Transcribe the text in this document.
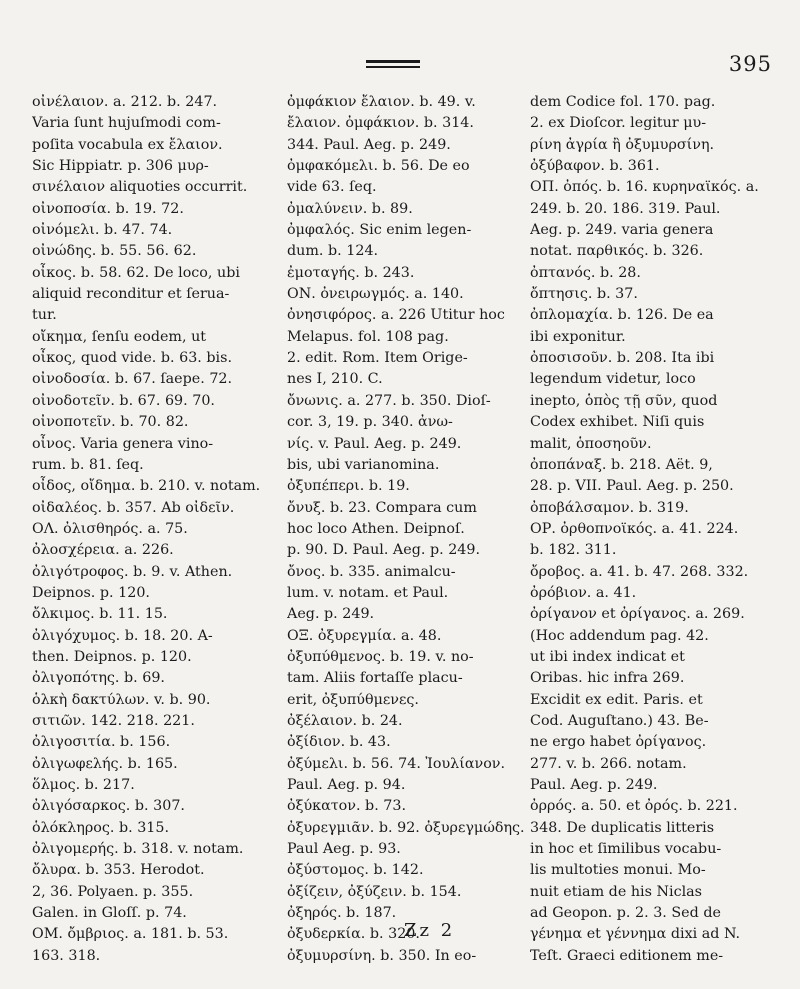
395
οἰνέλαιον. a. 212. b. 247.
Varia ſunt hujuſmodi com-
poſita vocabula ex ἔλαιον.
Sic Hippiatr. p. 306 μυρ-
σινέλαιον aliquoties occurrit.
οἰνοποσία. b. 19. 72.
οἰνόμελι. b. 47. 74.
οἰνώδης. b. 55. 56. 62.
οἶκος. b. 58. 62. De loco, ubi
aliquid reconditur et ſerua-
tur.
οἴκημα, ſenſu eodem, ut
οἶκος, quod vide. b. 63. bis.
οἰνοδοσία. b. 67. ſaepe. 72.
οἰνοδοτεῖν. b. 67. 69. 70.
οἰνοποτεῖν. b. 70. 82.
οἶνος. Varia genera vino-
rum. b. 81. ſeq.
οἶδος, οἴδημα. b. 210. v. notam.
οἰδαλέος. b. 357. Ab οἰδεῖν.
ΟΛ. ὀλισθηρός. a. 75.
ὀλοσχέρεια. a. 226.
ὀλιγότροφος. b. 9. v. Athen.
Deipnos. p. 120.
ὄλκιμος. b. 11. 15.
ὀλιγόχυμος. b. 18. 20. A-
then. Deipnos. p. 120.
ὀλιγοπότης. b. 69.
ὁλκὴ δακτύλων. v. b. 90.
σιτιῶν. 142. 218. 221.
ὀλιγοσιτία. b. 156.
ὀλιγωφελής. b. 165.
ὅλμος. b. 217.
ὀλιγόσαρκος. b. 307.
ὁλόκληρος. b. 315.
ὀλιγομερής. b. 318. v. notam.
ὄλυρα. b. 353. Herodot.
2, 36. Polyaen. p. 355.
Galen. in Gloſſ. p. 74.
ΟΜ. ὄμβριος. a. 181. b. 53.
163. 318.
ὀμφάκιον ἔλαιον. b. 49. v.
ἔλαιον. ὀμφάκιον. b. 314.
344. Paul. Aeg. p. 249.
ὀμφακόμελι. b. 56. De eo
vide 63. ſeq.
ὀμαλύνειν. b. 89.
ὀμφαλός. Sic enim legen-
dum. b. 124.
ἐμοταγής. b. 243.
ΟΝ. ὀνειρωγμός. a. 140.
ὀνησιφόρος. a. 226 Utitur hoc
Melapus. fol. 108 pag.
2. edit. Rom. Item Orige-
nes I, 210. C.
ὄνωνις. a. 277. b. 350. Dioſ-
cor. 3, 19. p. 340. ἀνω-
νίς. v. Paul. Aeg. p. 249.
bis, ubi varianomina.
ὀξυπέπερι. b. 19.
ὄνυξ. b. 23. Compara cum
hoc loco Athen. Deipnoſ.
p. 90. D. Paul. Aeg. p. 249.
ὄνος. b. 335. animalcu-
lum. v. notam. et Paul.
Aeg. p. 249.
ΟΞ. ὀξυρεγμία. a. 48.
ὀξυπύθμενος. b. 19. v. no-
tam. Aliis fortaſſe placu-
erit, ὀξυπύθμενες.
ὀξέλαιον. b. 24.
ὀξίδιον. b. 43.
ὀξύμελι. b. 56. 74. Ἰουλίανον.
Paul. Aeg. p. 94.
ὀξύκατον. b. 73.
ὀξυρεγμιᾶν. b. 92. ὀξυρεγμώδης.
Paul Aeg. p. 93.
ὀξύστομος. b. 142.
ὀξίζειν, ὀξύζειν. b. 154.
ὀξηρός. b. 187.
ὀξυδερκία. b. 320.
ὀξυμυρσίνη. b. 350. In eo-
dem Codice fol. 170. pag.
2. ex Dioſcor. legitur μυ-
ρίνη ἀγρία ἢ ὀξυμυρσίνη.
ὀξύβαφον. b. 361.
ΟΠ. ὀπός. b. 16. κυρηναϊκός. a.
249. b. 20. 186. 319. Paul.
Aeg. p. 249. varia genera
notat. παρθικός. b. 326.
ὀπτανός. b. 28.
ὄπτησις. b. 37.
ὀπλομαχία. b. 126. De ea
ibi exponitur.
ὀποσισοῦν. b. 208. Ita ibi
legendum videtur, loco
inepto, ὁπὸς τῇ σῦν, quod
Codex exhibet. Niſi quis
malit, ὁποσηοῦν.
ὀποπάναξ. b. 218. Aët. 9,
28. p. VII. Paul. Aeg. p. 250.
ὀποβάλσαμον. b. 319.
ΟΡ. ὀρθοπνοϊκός. a. 41. 224.
b. 182. 311.
ὄροβος. a. 41. b. 47. 268. 332.
ὀρόβιον. a. 41.
ὀρίγανον et ὀρίγανος. a. 269.
(Hoc addendum pag. 42.
ut ibi index indicat et
Oribas. hic infra 269.
Excidit ex edit. Paris. et
Cod. Auguſtano.) 43. Be-
ne ergo habet ὀρίγανος.
277. v. b. 266. notam.
Paul. Aeg. p. 249.
ὀρρός. a. 50. et ὀρός. b. 221.
348. De duplicatis litteris
in hoc et ſimilibus vocabu-
lis multoties monui. Mo-
nuit etiam de his Niclas
ad Geopon. p. 2. 3. Sed de
γένημα et γέννημα dixi ad N.
Teſt. Graeci editionem me-
Zz 2
